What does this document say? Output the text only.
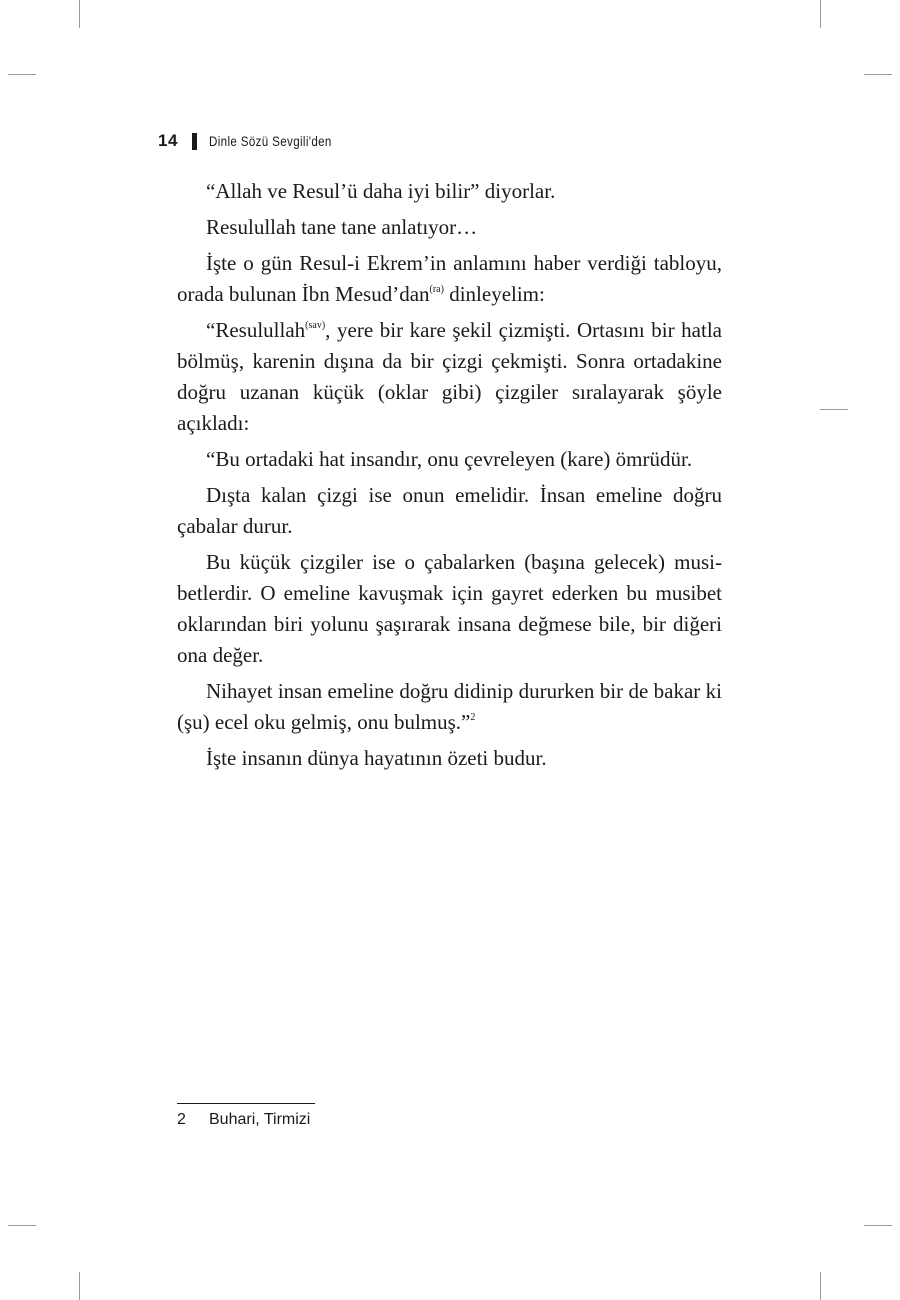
14 Dinle Sözü Sevgili'den

“Allah ve Resul’ü daha iyi bilir” diyorlar.

Resulullah tane tane anlatıyor…

İşte o gün Resul-i Ekrem’in anlamını haber verdiği tabloyu, orada bulunan İbn Mesud’dan$^{(ra)}$ dinleyelim:

“Resulullah$^{(sav)}$, yere bir kare şekil çizmişti. Ortasını bir hatla bölmüş, karenin dışına da bir çizgi çekmişti. Sonra ortadakine doğru uzanan küçük (oklar gibi) çizgiler sıralayarak şöyle açıkladı:

“Bu ortadaki hat insandır, onu çevreleyen (kare) ömrüdür.

Dışta kalan çizgi ise onun emelidir. İnsan emeline doğru çabalar durur.

Bu küçük çizgiler ise o çabalarken (başına gelecek) musibetlerdir. O emeline kavuşmak için gayret ederken bu musibet oklarından biri yolunu şaşırarak insana değmese bile, bir diğeri ona değer.

Nihayet insan emeline doğru didinip dururken bir de bakar ki (şu) ecel oku gelmiş, onu bulmuş.”$^2$

İşte insanın dünya hayatının özeti budur.

2	Buhari, Tirmizi
